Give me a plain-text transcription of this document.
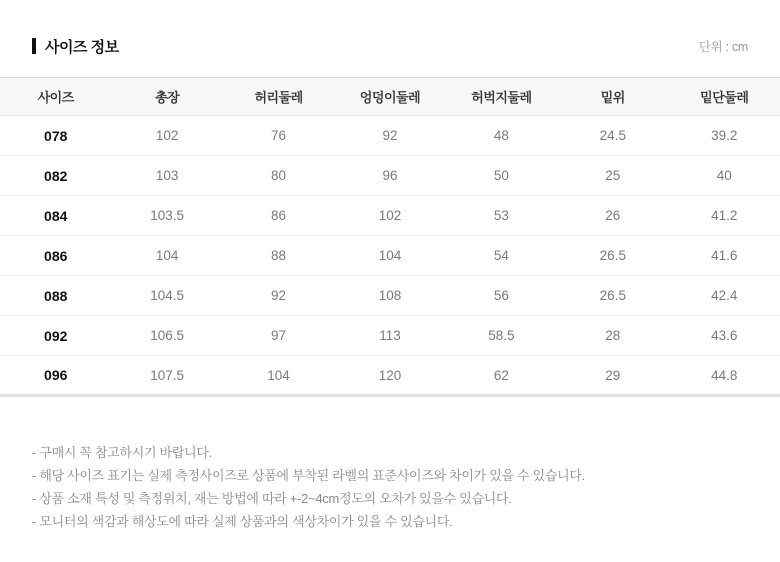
사이즈 정보	단위 : cm
사이즈	총장	허리둘레	엉덩이둘레	허벅지둘레	밑위	밑단둘레
078	102	76	92	48	24.5	39.2
082	103	80	96	50	25	40
084	103.5	86	102	53	26	41.2
086	104	88	104	54	26.5	41.6
088	104.5	92	108	56	26.5	42.4
092	106.5	97	113	58.5	28	43.6
096	107.5	104	120	62	29	44.8
- 구매시 꼭 참고하시기 바랍니다.
- 해당 사이즈 표기는 실제 측정사이즈로 상품에 부착된 라벨의 표준사이즈와 차이가 있을 수 있습니다.
- 상품 소재 특성 및 측정위치, 재는 방법에 따라 +-2~4cm정도의 오차가 있을수 있습니다.
- 모니터의 색감과 해상도에 따라 실제 상품과의 색상차이가 있을 수 있습니다.
